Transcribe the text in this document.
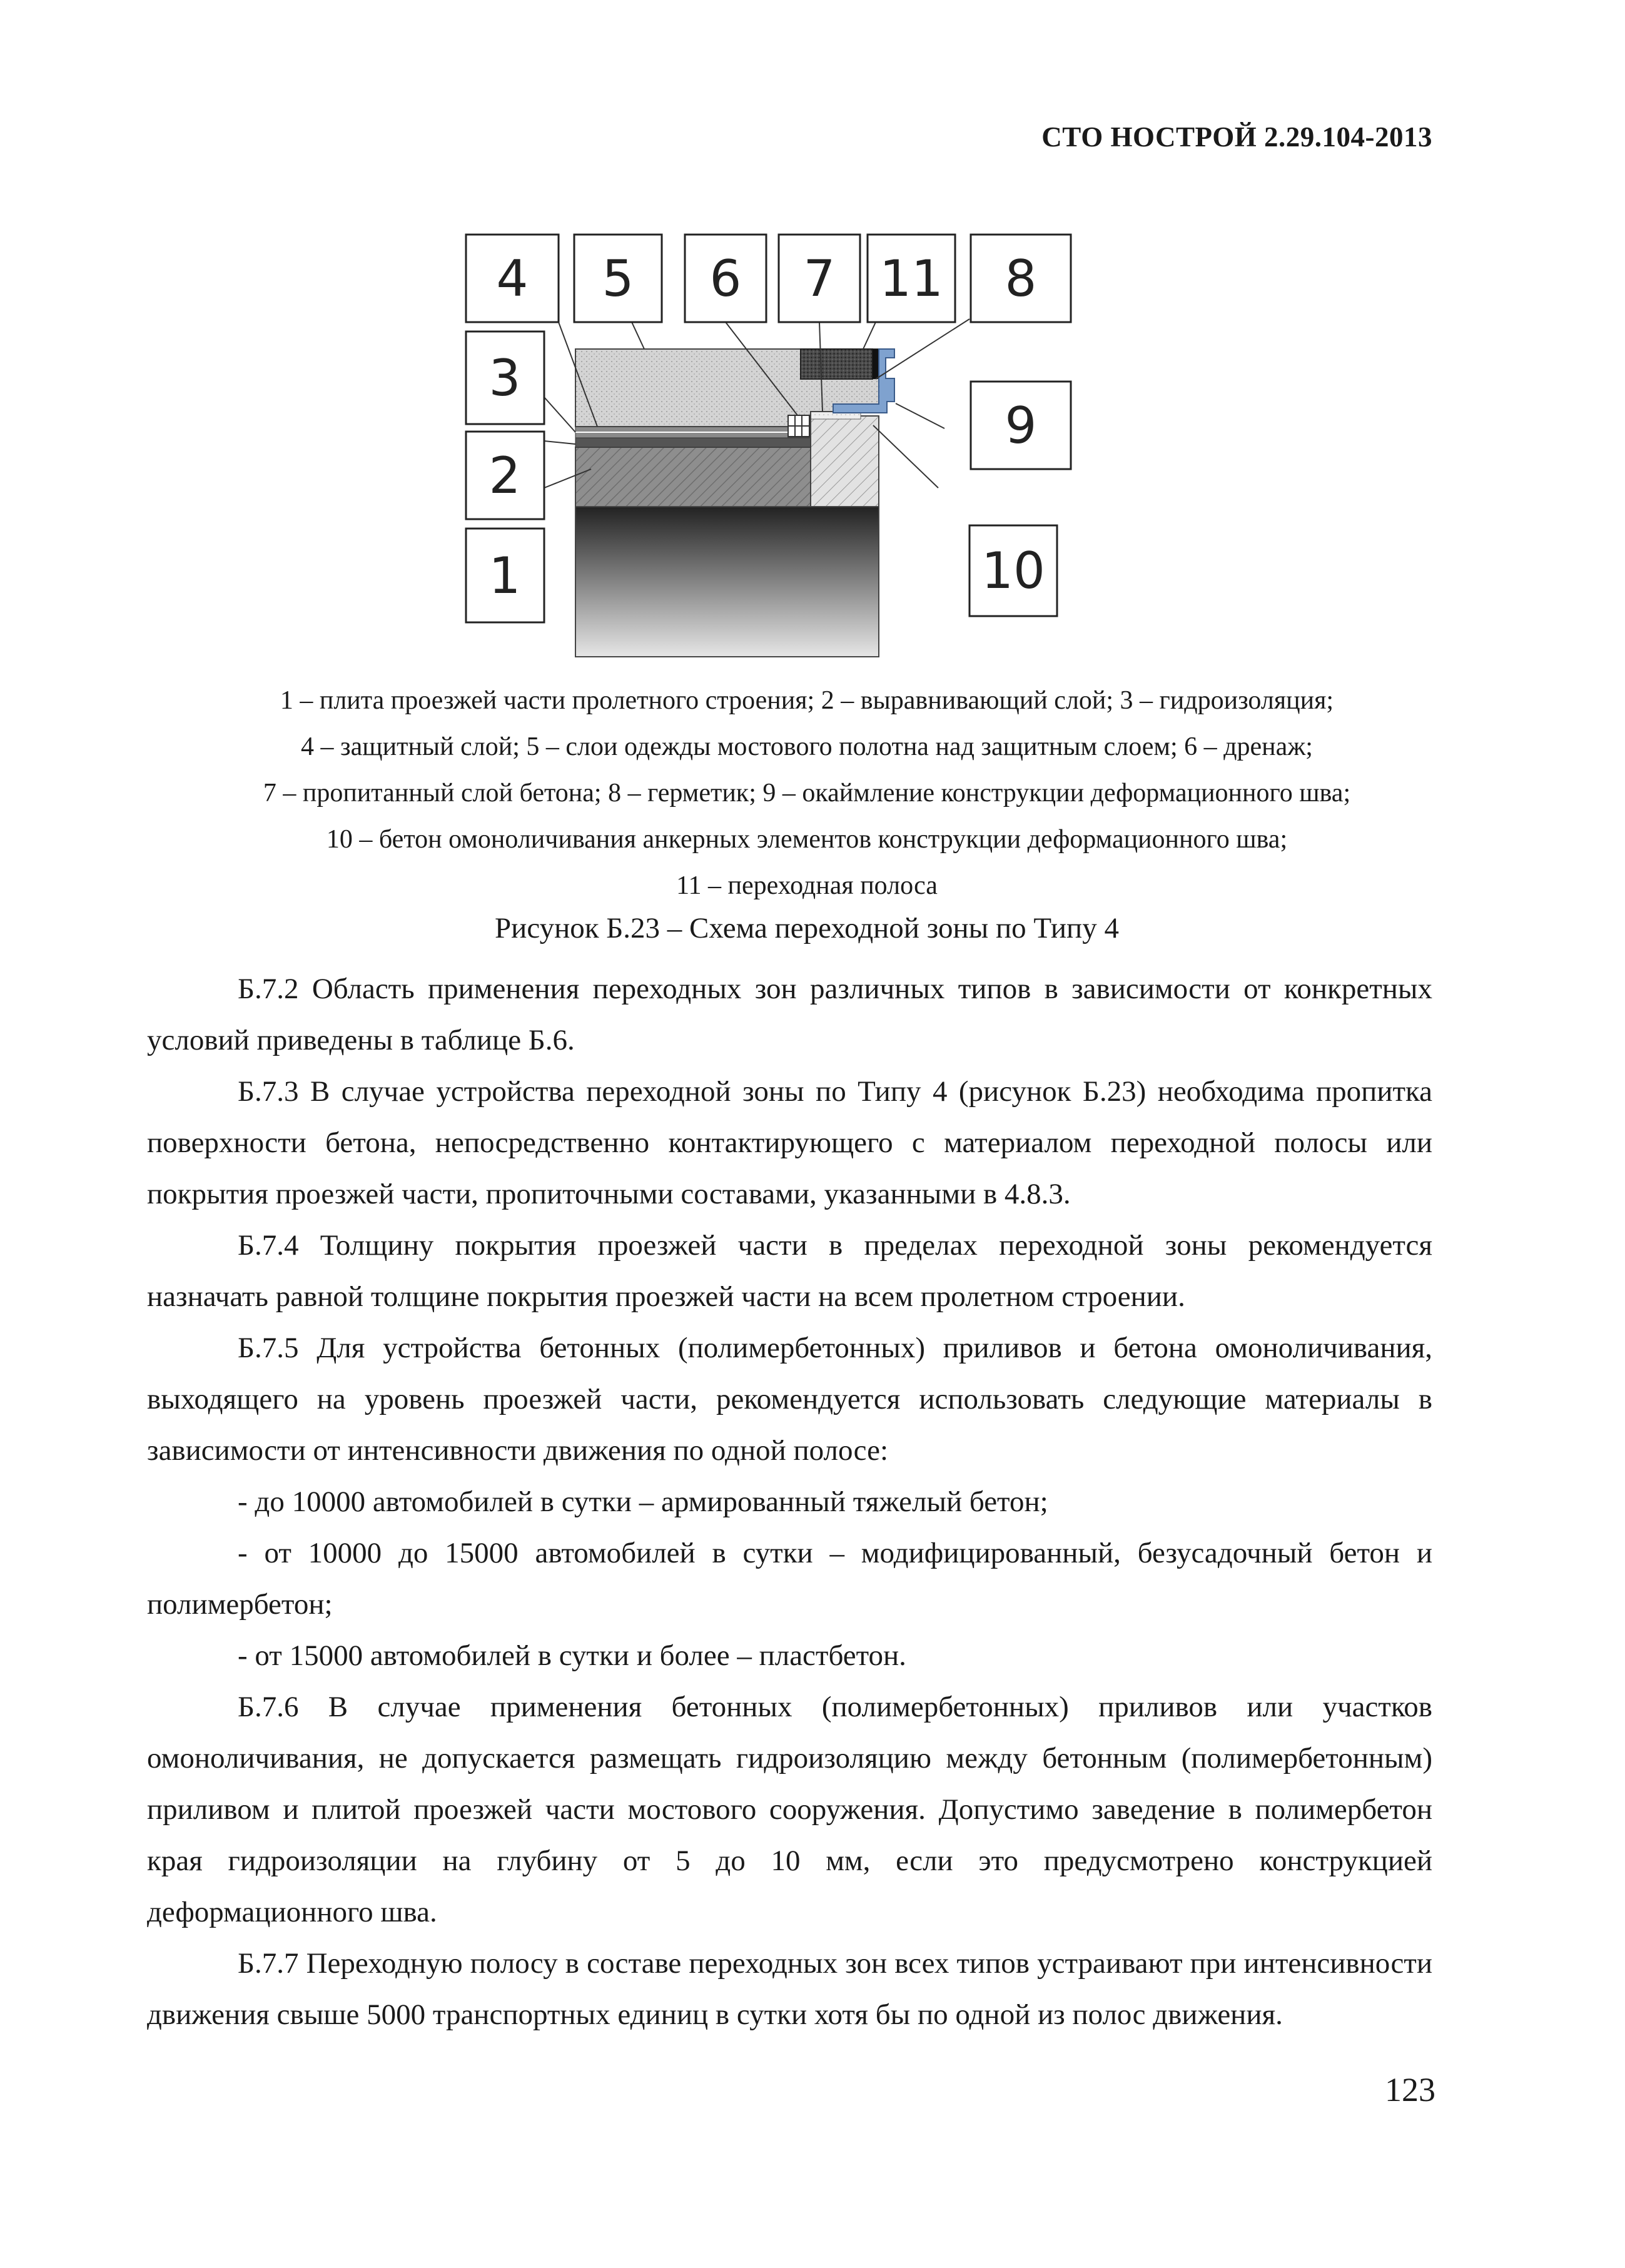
СТО НОСТРОЙ 2.29.104-2013
4 5 6 7 11 8
3
9
2
1	10
1 – плита проезжей части пролетного строения; 2 – выравнивающий слой; 3 – гидроизоляция;
4 – защитный слой; 5 – слои одежды мостового полотна над защитным слоем; 6 – дренаж;
7 – пропитанный слой бетона; 8 – герметик; 9 – окаймление конструкции деформационного шва;
10 – бетон омоноличивания анкерных элементов конструкции деформационного шва;
11 – переходная полоса
Рисунок Б.23 – Схема переходной зоны по Типу 4

Б.7.2 Область применения переходных зон различных типов в зависимости от конкретных условий приведены в таблице Б.6.

Б.7.3 В случае устройства переходной зоны по Типу 4 (рисунок Б.23) необходима пропитка поверхности бетона, непосредственно контактирующего с материалом переходной полосы или покрытия проезжей части, пропиточными составами, указанными в 4.8.3.

Б.7.4 Толщину покрытия проезжей части в пределах переходной зоны рекомендуется назначать равной толщине покрытия проезжей части на всем пролетном строении.

Б.7.5 Для устройства бетонных (полимербетонных) приливов и бетона омоноличивания, выходящего на уровень проезжей части, рекомендуется использовать следующие материалы в зависимости от интенсивности движения по одной полосе:

- до 10000 автомобилей в сутки – армированный тяжелый бетон;

- от 10000 до 15000 автомобилей в сутки – модифицированный, безусадочный бетон и полимербетон;

- от 15000 автомобилей в сутки и более – пластбетон.

Б.7.6 В случае применения бетонных (полимербетонных) приливов или участков омоноличивания, не допускается размещать гидроизоляцию между бетонным (полимербетонным) приливом и плитой проезжей части мостового сооружения. Допустимо заведение в полимербетон края гидроизоляции на глубину от 5 до 10 мм, если это предусмотрено конструкцией деформационного шва.

Б.7.7 Переходную полосу в составе переходных зон всех типов устраивают при интенсивности движения свыше 5000 транспортных единиц в сутки хотя бы по одной из полос движения.

123
